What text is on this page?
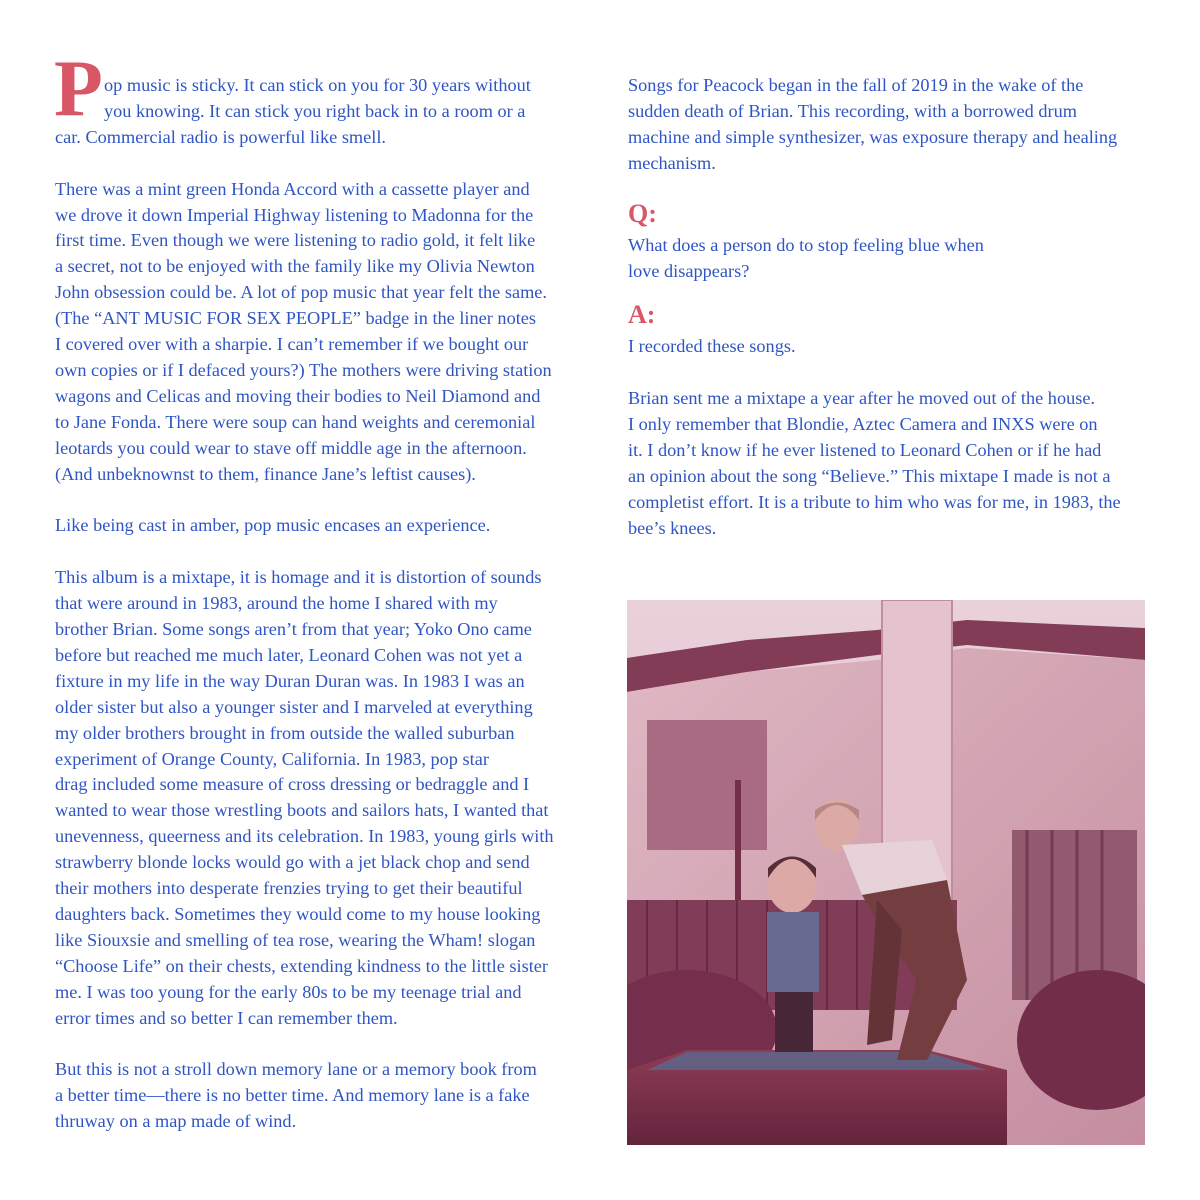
P op music is sticky. It can stick on you for 30 years without

you knowing. It can stick you right back in to a room or a

car. Commercial radio is powerful like smell.

There was a mint green Honda Accord with a cassette player and

we drove it down Imperial Highway listening to Madonna for the

first time. Even though we were listening to radio gold, it felt like

a secret, not to be enjoyed with the family like my Olivia Newton

John obsession could be. A lot of pop music that year felt the same.

(The “ANT MUSIC FOR SEX PEOPLE” badge in the liner notes

I covered over with a sharpie. I can’t remember if we bought our

own copies or if I defaced yours?) The mothers were driving station

wagons and Celicas and moving their bodies to Neil Diamond and

to Jane Fonda. There were soup can hand weights and ceremonial

leotards you could wear to stave off middle age in the afternoon.

(And unbeknownst to them, finance Jane’s leftist causes).

Like being cast in amber, pop music encases an experience.

This album is a mixtape, it is homage and it is distortion of sounds

that were around in 1983, around the home I shared with my

brother Brian. Some songs aren’t from that year; Yoko Ono came

before but reached me much later, Leonard Cohen was not yet a

fixture in my life in the way Duran Duran was. In 1983 I was an

older sister but also a younger sister and I marveled at everything

my older brothers brought in from outside the walled suburban

experiment of Orange County, California. In 1983, pop star

drag included some measure of cross dressing or bedraggle and I

wanted to wear those wrestling boots and sailors hats, I wanted that

unevenness, queerness and its celebration. In 1983, young girls with

strawberry blonde locks would go with a jet black chop and send

their mothers into desperate frenzies trying to get their beautiful

daughters back. Sometimes they would come to my house looking

like Siouxsie and smelling of tea rose, wearing the Wham! slogan

“Choose Life” on their chests, extending kindness to the little sister

me. I was too young for the early 80s to be my teenage trial and

error times and so better I can remember them.

But this is not a stroll down memory lane or a memory book from

a better time—there is no better time. And memory lane is a fake

thruway on a map made of wind.

Songs for Peacock began in the fall of 2019 in the wake of the

sudden death of Brian. This recording, with a borrowed drum

machine and simple synthesizer, was exposure therapy and healing

mechanism.

Q:

What does a person do to stop feeling blue when

love disappears?

A:

I recorded these songs.

Brian sent me a mixtape a year after he moved out of the house.

I only remember that Blondie, Aztec Camera and INXS were on

it. I don’t know if he ever listened to Leonard Cohen or if he had

an opinion about the song “Believe.” This mixtape I made is not a

completist effort. It is a tribute to him who was for me, in 1983, the

bee’s knees.
